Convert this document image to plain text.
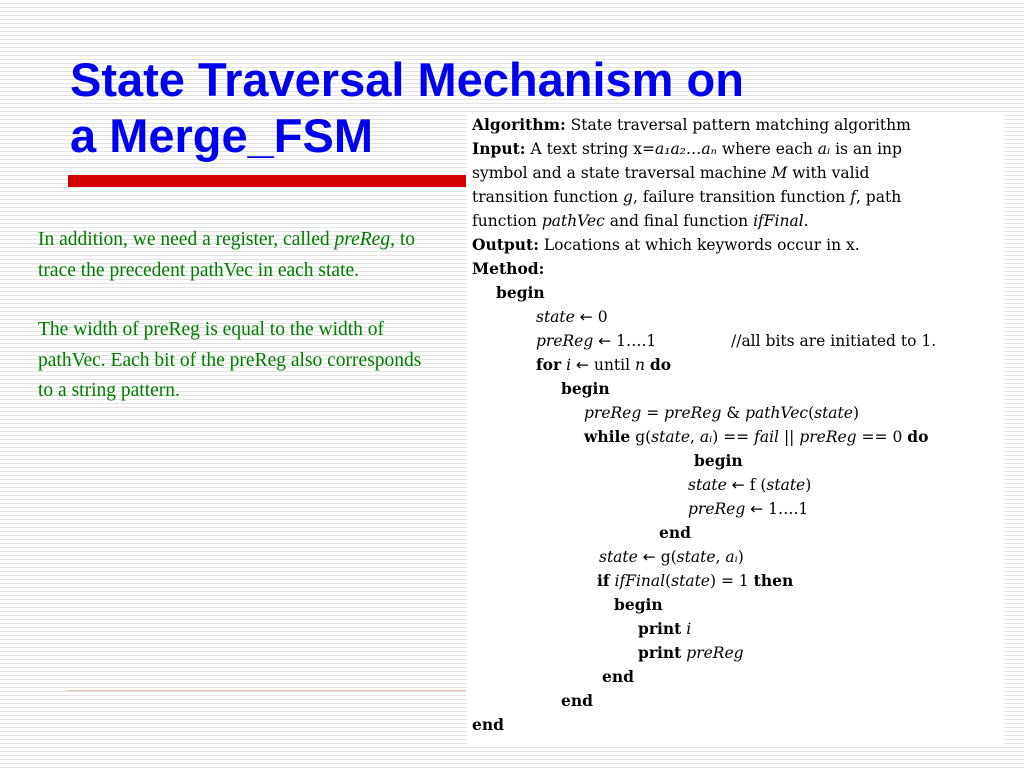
State Traversal Mechanism on
a Merge_FSM

In addition, we need a register, called preReg, to trace the precedent pathVec in each state.

The width of preReg is equal to the width of pathVec. Each bit of the preReg also corresponds to a string pattern.

Algorithm: State traversal pattern matching algorithm
Input: A text string x=a₁a₂…aₙ where each aᵢ is an inp
symbol and a state traversal machine M with valid
transition function g, failure transition function f, path
function pathVec and final function ifFinal.
Output: Locations at which keywords occur in x.
Method:
begin
state ← 0
preReg ← 1….1	//all bits are initiated to 1.
for i ← until n do
begin
preReg = preReg & pathVec(state)
while g(state, aᵢ) == fail || preReg == 0 do
begin
state ← f (state)
preReg ← 1….1
end
state ← g(state, aᵢ)
if ifFinal(state) = 1 then
begin
print i
print preReg
end
end
end
